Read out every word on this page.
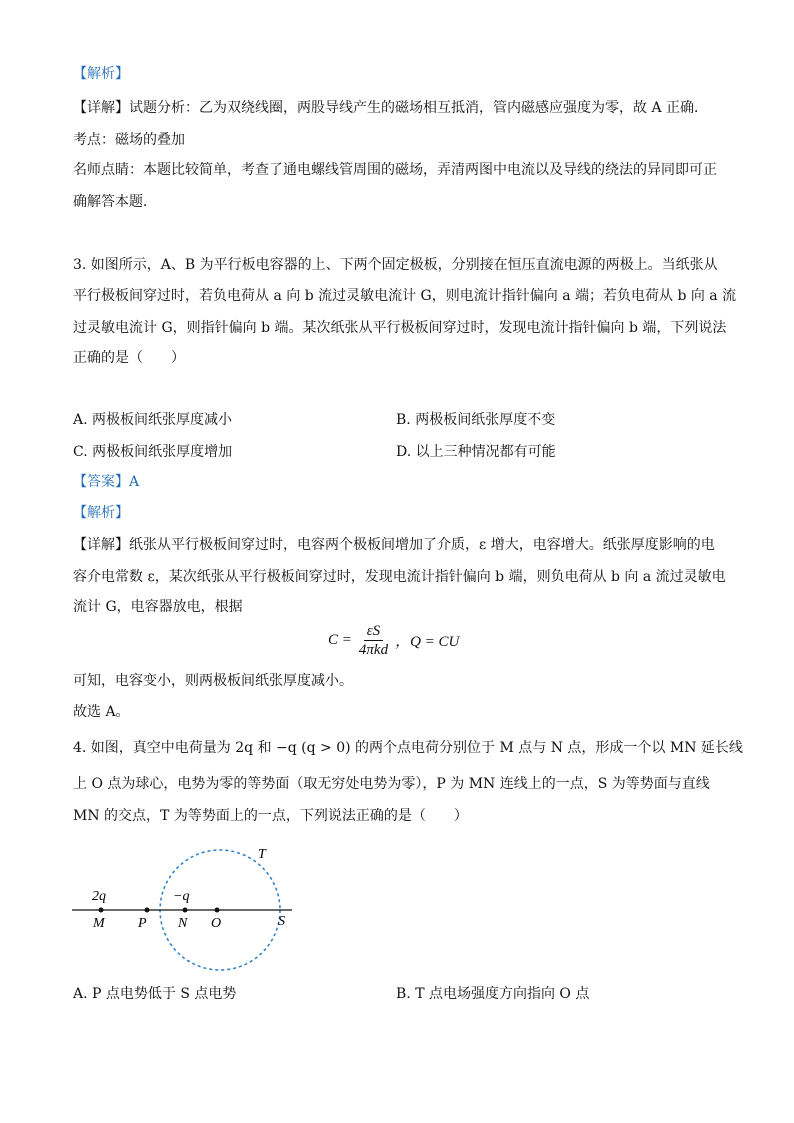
【解析】
【详解】试题分析：乙为双绕线圈，两股导线产生的磁场相互抵消，管内磁感应强度为零，故 A 正确．
考点：磁场的叠加
名师点睛：本题比较简单，考查了通电螺线管周围的磁场，弄清两图中电流以及导线的绕法的异同即可正
确解答本题．
3. 如图所示，A、B 为平行板电容器的上、下两个固定极板，分别接在恒压直流电源的两极上。当纸张从
平行极板间穿过时，若负电荷从 a 向 b 流过灵敏电流计 G，则电流计指针偏向 a 端；若负电荷从 b 向 a 流
过灵敏电流计 G，则指针偏向 b 端。某次纸张从平行极板间穿过时，发现电流计指针偏向 b 端，下列说法
正确的是（　　）
A. 两极板间纸张厚度减小	B. 两极板间纸张厚度不变
C. 两极板间纸张厚度增加	D. 以上三种情况都有可能
【答案】A
【解析】
【详解】纸张从平行极板间穿过时，电容两个极板间增加了介质，ε 增大，电容增大。纸张厚度影响的电
容介电常数 ε，某次纸张从平行极板间穿过时，发现电流计指针偏向 b 端，则负电荷从 b 向 a 流过灵敏电
流计 G，电容器放电，根据
可知，电容变小，则两极板间纸张厚度减小。
故选 A。
4. 如图，真空中电荷量为 2q 和 −q (q > 0) 的两个点电荷分别位于 M 点与 N 点，形成一个以 MN 延长线
上 O 点为球心，电势为零的等势面（取无穷处电势为零），P 为 MN 连线上的一点，S 为等势面与直线
MN 的交点，T 为等势面上的一点，下列说法正确的是（　　）
A. P 点电势低于 S 点电势	B. T 点电场强度方向指向 O 点
$C = \frac{\varepsilon S}{\text{4πkd}}$ ，Q = CU
T
2q	−q
M P N O	S
